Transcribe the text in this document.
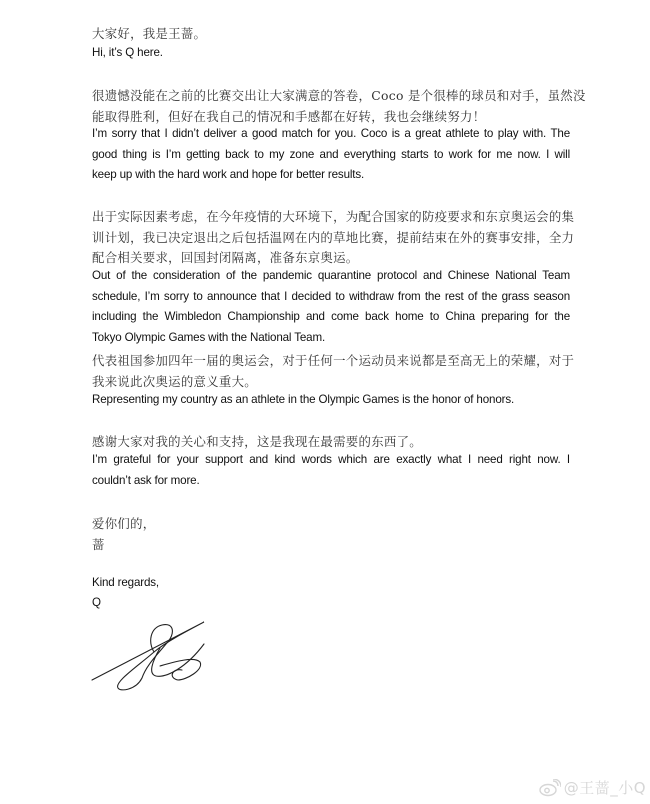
大家好，我是王蔷。
Hi, it’s Q here.
很遗憾没能在之前的比赛交出让大家满意的答卷，Coco 是个很棒的球员和对手，虽然没
能取得胜利，但好在我自己的情况和手感都在好转，我也会继续努力！
I’m sorry that I didn’t deliver a good match for you. Coco is a great athlete to play with. The
good thing is I’m getting back to my zone and everything starts to work for me now. I will
keep up with the hard work and hope for better results.
出于实际因素考虑，在今年疫情的大环境下，为配合国家的防疫要求和东京奥运会的集
训计划，我已决定退出之后包括温网在内的草地比赛，提前结束在外的赛事安排，全力
配合相关要求，回国封闭隔离，准备东京奥运。
Out of the consideration of the pandemic quarantine protocol and Chinese National Team
schedule, I’m sorry to announce that I decided to withdraw from the rest of the grass season
including the Wimbledon Championship and come back home to China preparing for the
Tokyo Olympic Games with the National Team.
代表祖国参加四年一届的奥运会，对于任何一个运动员来说都是至高无上的荣耀，对于
我来说此次奥运的意义重大。
Representing my country as an athlete in the Olympic Games is the honor of honors.
感谢大家对我的关心和支持，这是我现在最需要的东西了。
I’m grateful for your support and kind words which are exactly what I need right now. I
couldn’t ask for more.
爱你们的，
蔷
Kind regards,
Q
@王蔷_小Q
